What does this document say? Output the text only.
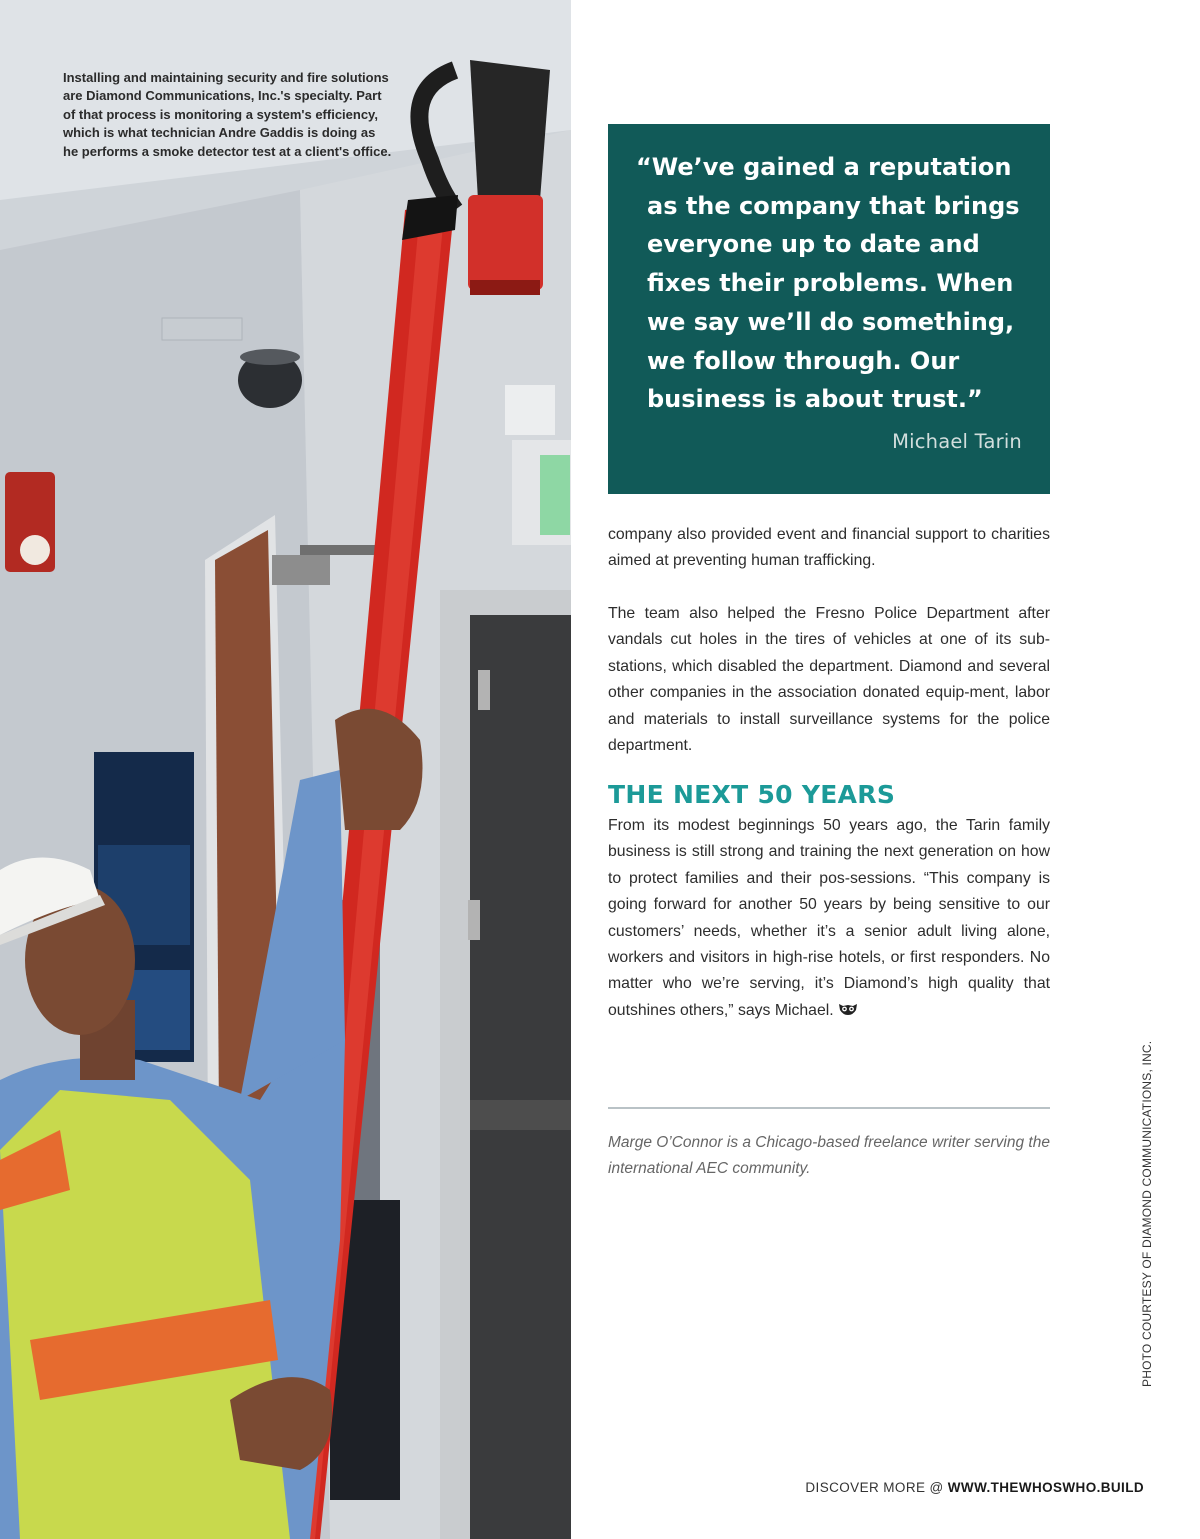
Installing and maintaining security and fire solutions are Diamond Communications, Inc.'s specialty. Part of that process is monitoring a system's efficiency, which is what technician Andre Gaddis is doing as he performs a smoke detector test at a client's office.

“We’ve gained a reputation as the company that brings everyone up to date and fixes their problems. When we say we’ll do something, we follow through. Our business is about trust.”

Michael Tarin

company also provided event and financial support to charities aimed at preventing human trafficking.

The team also helped the Fresno Police Department after vandals cut holes in the tires of vehicles at one of its sub-stations, which disabled the department. Diamond and several other companies in the association donated equip-ment, labor and materials to install surveillance systems for the police department.

THE NEXT 50 YEARS

From its modest beginnings 50 years ago, the Tarin family business is still strong and training the next generation on how to protect families and their pos-sessions. “This company is going forward for another 50 years by being sensitive to our customers’ needs, whether it’s a senior adult living alone, workers and visitors in high-rise hotels, or first responders. No matter who we’re serving, it’s Diamond’s high quality that outshines others,” says Michael.

Marge O’Connor is a Chicago-based freelance writer serving the international AEC community.	PHOTO COURTESY OF DIAMOND COMMUNICATIONS, INC.

DISCOVER MORE @ WWW.THEWHOSWHO.BUILD
